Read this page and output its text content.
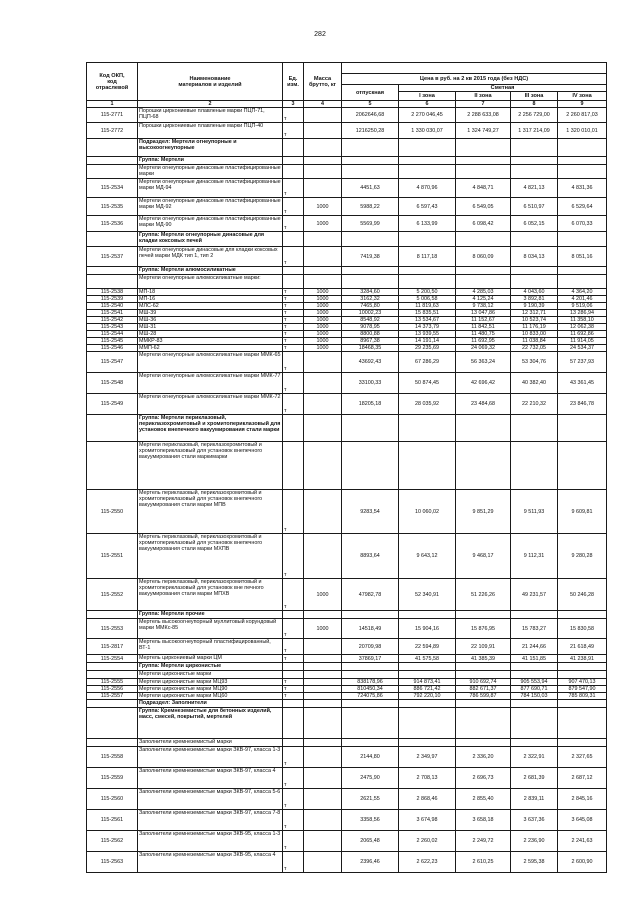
282
Код ОКП, код отраслевой	Наименование материалов и изделий	Ед. изм.	Масса брутто, кг					
				Цена в руб. на 2 кв 2015 года (без НДС)				
				отпускная	Сметная			
					I зона	II зона	III зона	IV зона
1	2	3	4	5	6	7	8	9
115-2771	Порошки циркониевые плавленые марки ПЦП-71, ПЦП-68	т		2062646,68	2 270 046,45	2 288 633,08	2 256 729,00	2 260 817,03
115-2772	Порошки циркониевые плавленые марки ПЦП-40	т		1216250,28	1 330 030,07	1 324 749,27	1 317 214,09	1 320 010,01
	Подраздел: Мертели огнеупорные и высокоогнеупорные							
	Группа: Мертели							
	Мертели огнеупорные динасовые пластифицированные марки							
115-2534	Мертели огнеупорные динасовые пластифицированные марки МД-94	т		4451,63	4 870,96	4 848,71	4 821,13	4 831,36
115-2535	Мертели огнеупорные динасовые пластифицированные марки МД-92	т	1000	5988,22	6 597,43	6 549,05	6 510,97	6 529,64
115-2536	Мертели огнеупорные динасовые пластифицированные марки МД-90	т	1000	5569,99	6 133,99	6 098,42	6 052,15	6 070,33
	Группа: Мертели огнеупорные динасовые для кладки коксовых печей							
115-2537	Мертели огнеупорные динасовые для кладки коксовых печей марки МДК тип 1, тип 2	т		7419,38	8 117,18	8 060,09	8 034,13	8 051,16
	Группа: Мертели алюмосиликатные							
	Мертели огнеупорные алюмосиликатные марки:							
115-2538	МП-18	т	1000	3284,60	5 200,50	4 285,03	4 043,60	4 364,20
115-2539	МП-16	т	1000	3162,32	5 006,58	4 125,24	3 892,81	4 201,46
115-2540	МЛС-62	т	1000	7465,80	11 819,63	9 738,12	9 190,39	9 519,06
115-2541	МШ-39	т	1000	10002,23	15 835,51	13 047,86	12 312,71	13 286,94
115-2542	МШ-36	т	1000	8548,92	13 534,67	11 152,67	10 523,74	11 358,10
115-2543	МШ-31	т	1000	9078,95	14 373,79	11 842,51	11 176,19	12 062,38
115-2544	МШ-28	т	1000	8800,88	13 939,55	11 480,75	10 833,00	11 692,86
115-2545	ММКР-83	т	1000	8967,38	14 191,14	11 692,95	11 038,84	11 914,05
115-2546	ММП-62	т	1000	18468,35	29 235,69	24 069,32	22 732,05	24 534,37
115-2547	Мертели огнеупорные алюмосиликатные марки ММК-65	т		43692,43	67 286,29	56 363,24	53 304,76	57 237,93
115-2548	Мертели огнеупорные алюмосиликатные марки ММК-77	т		33100,33	50 874,45	42 696,42	40 382,40	43 361,45
115-2549	Мертели огнеупорные алюмосиликатные марки ММК-72	т		18205,18	28 035,92	23 484,68	22 210,32	23 846,78
	Группа: Мертели периклазовый, периклазохромитовый и хромитопериклазовый для установок внепечного вакуумирования стали марки							
	Мертели периклазовый, периклазохромитовый и хромитопериклазовый для установок внепечного вакуумирования стали маркимарки							
115-2550	Мертель периклазовый, периклазохромитовый и хромитопериклазовый для установок внепечного вакуумирования стали марки МПВ	т		9283,54	10 060,02	9 851,29	9 511,93	9 609,81
115-2551	Мертель периклазовый, периклазохромитовый и хромитопериклазовый для установок внепечного вакуумирования стали марки МХПВ	т		8893,64	9 643,12	9 468,17	9 112,31	9 280,28
115-2552	Мертель периклазовый, периклазохромитовый и хромитопериклазовый для установок вне печного вакуумирования стали марки МПХВ	т	1000	47982,78	52 340,91	51 226,26	49 231,57	50 246,28
	Группа: Мертели прочие							
115-2553	Мертель высокоогнеупорный муллитовый корундовый марки ММКс-85	т	1000	14518,49	15 904,16	15 876,95	15 783,27	15 830,58
115-2817	Мертель высокоогнеупорный пластифицированный, ВТ-1	т		20709,98	22 594,89	22 109,91	21 244,66	21 618,49
115-2554	Мертель циркониевый марки ЦМ	т		37869,17	41 575,58	41 385,39	41 151,85	41 238,91
	Группа: Мертели цирконистые							
	Мертели цирконистые марки							
115-2555	Мертели цирконистые марки МЦ93	т		838178,96	914 873,41	910 692,74	905 553,94	907 470,13
115-2556	Мертели цирконистые марки МЦ90	т		810450,34	886 721,42	882 671,37	877 690,71	879 547,90
115-2557	Мертели цирконистые марки МЦ60	т		724075,86	792 220,10	786 599,87	784 150,03	785 809,31
	Подраздел: Заполнители							
	Группа: Кремнеземистые для бетонных изделий, масс, смесей, покрытий, мертелей							
	Заполнители кремнеземистый марки							
115-2558	Заполнители кремнеземистые марки ЗКВ-97, класса 1-3	т		2144,80	2 349,97	2 336,20	2 322,91	2 327,65
115-2559	Заполнители кремнеземистые марки ЗКВ-97, класса 4	т		2475,90	2 708,13	2 696,73	2 681,39	2 687,12
115-2560	Заполнители кремнеземистые марки ЗКВ-97, класса 5-6	т		2621,55	2 868,46	2 855,40	2 839,11	2 845,16
115-2561	Заполнители кремнеземистые марки ЗКВ-97, класса 7-8	т		3358,56	3 674,98	3 658,18	3 637,36	3 645,08
115-2562	Заполнители кремнеземистые марки ЗКВ-95, класса 1-3	т		2065,48	2 260,02	2 249,72	2 236,90	2 241,63
115-2563	Заполнители кремнеземистые марки ЗКВ-95, класса 4	т		2396,46	2 622,23	2 610,25	2 595,38	2 600,90
